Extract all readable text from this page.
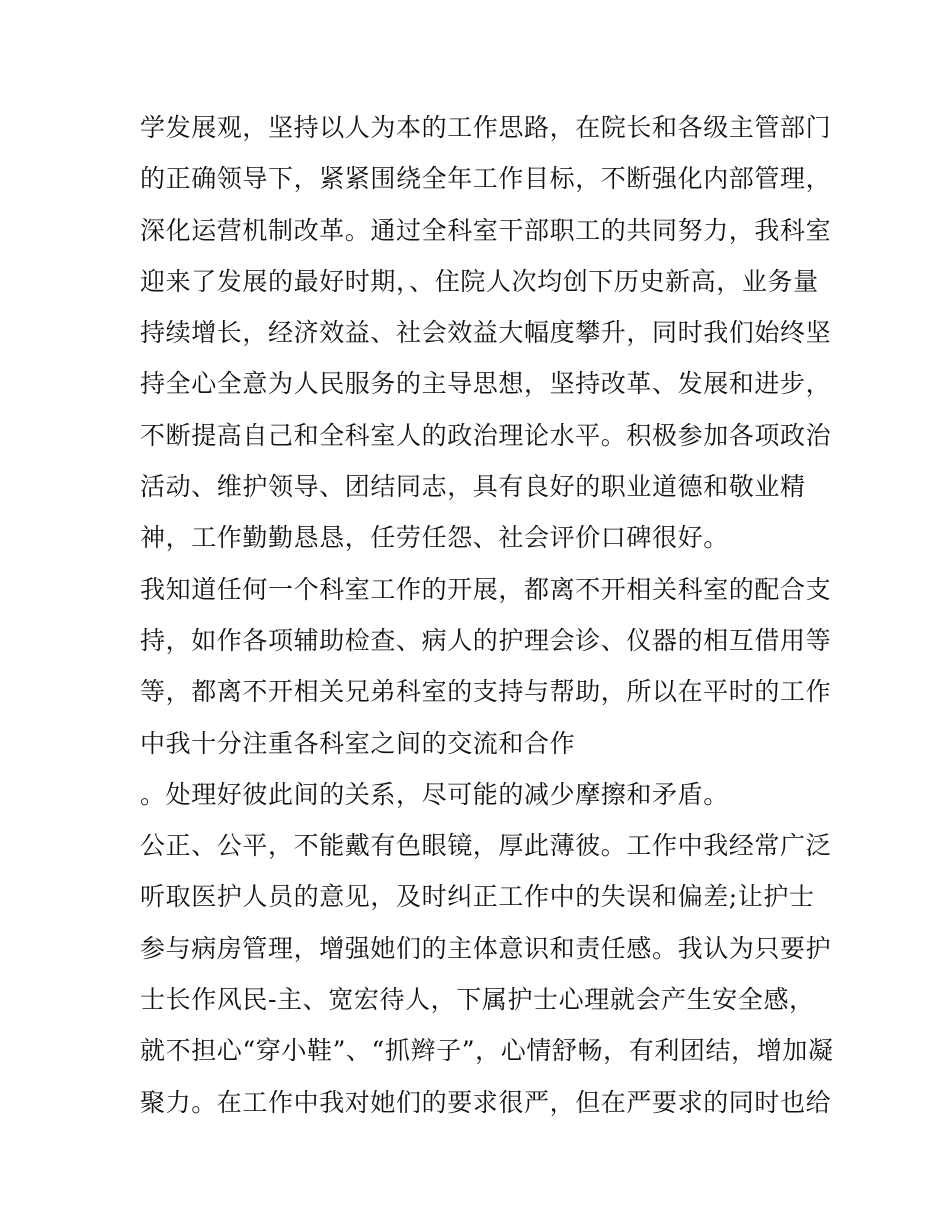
学发展观，坚持以人为本的工作思路，在院长和各级主管部门
的正确领导下，紧紧围绕全年工作目标，不断强化内部管理，
深化运营机制改革。通过全科室干部职工的共同努力，我科室
迎来了发展的最好时期，、住院人次均创下历史新高，业务量
持续增长，经济效益、社会效益大幅度攀升，同时我们始终坚
持全心全意为人民服务的主导思想，坚持改革、发展和进步，
不断提高自己和全科室人的政治理论水平。积极参加各项政治
活动、维护领导、团结同志，具有良好的职业道德和敬业精
神，工作勤勤恳恳，任劳任怨、社会评价口碑很好。
我知道任何一个科室工作的开展，都离不开相关科室的配合支
持，如作各项辅助检查、病人的护理会诊、仪器的相互借用等
等，都离不开相关兄弟科室的支持与帮助，所以在平时的工作
中我十分注重各科室之间的交流和合作
。处理好彼此间的关系，尽可能的减少摩擦和矛盾。
公正、公平，不能戴有色眼镜，厚此薄彼。工作中我经常广泛
听取医护人员的意见，及时纠正工作中的失误和偏差;让护士
参与病房管理，增强她们的主体意识和责任感。我认为只要护
士长作风民-主、宽宏待人，下属护士心理就会产生安全感，
就不担心“穿小鞋”、“抓辫子”，心情舒畅，有利团结，增加凝
聚力。在工作中我对她们的要求很严，但在严要求的同时也给
